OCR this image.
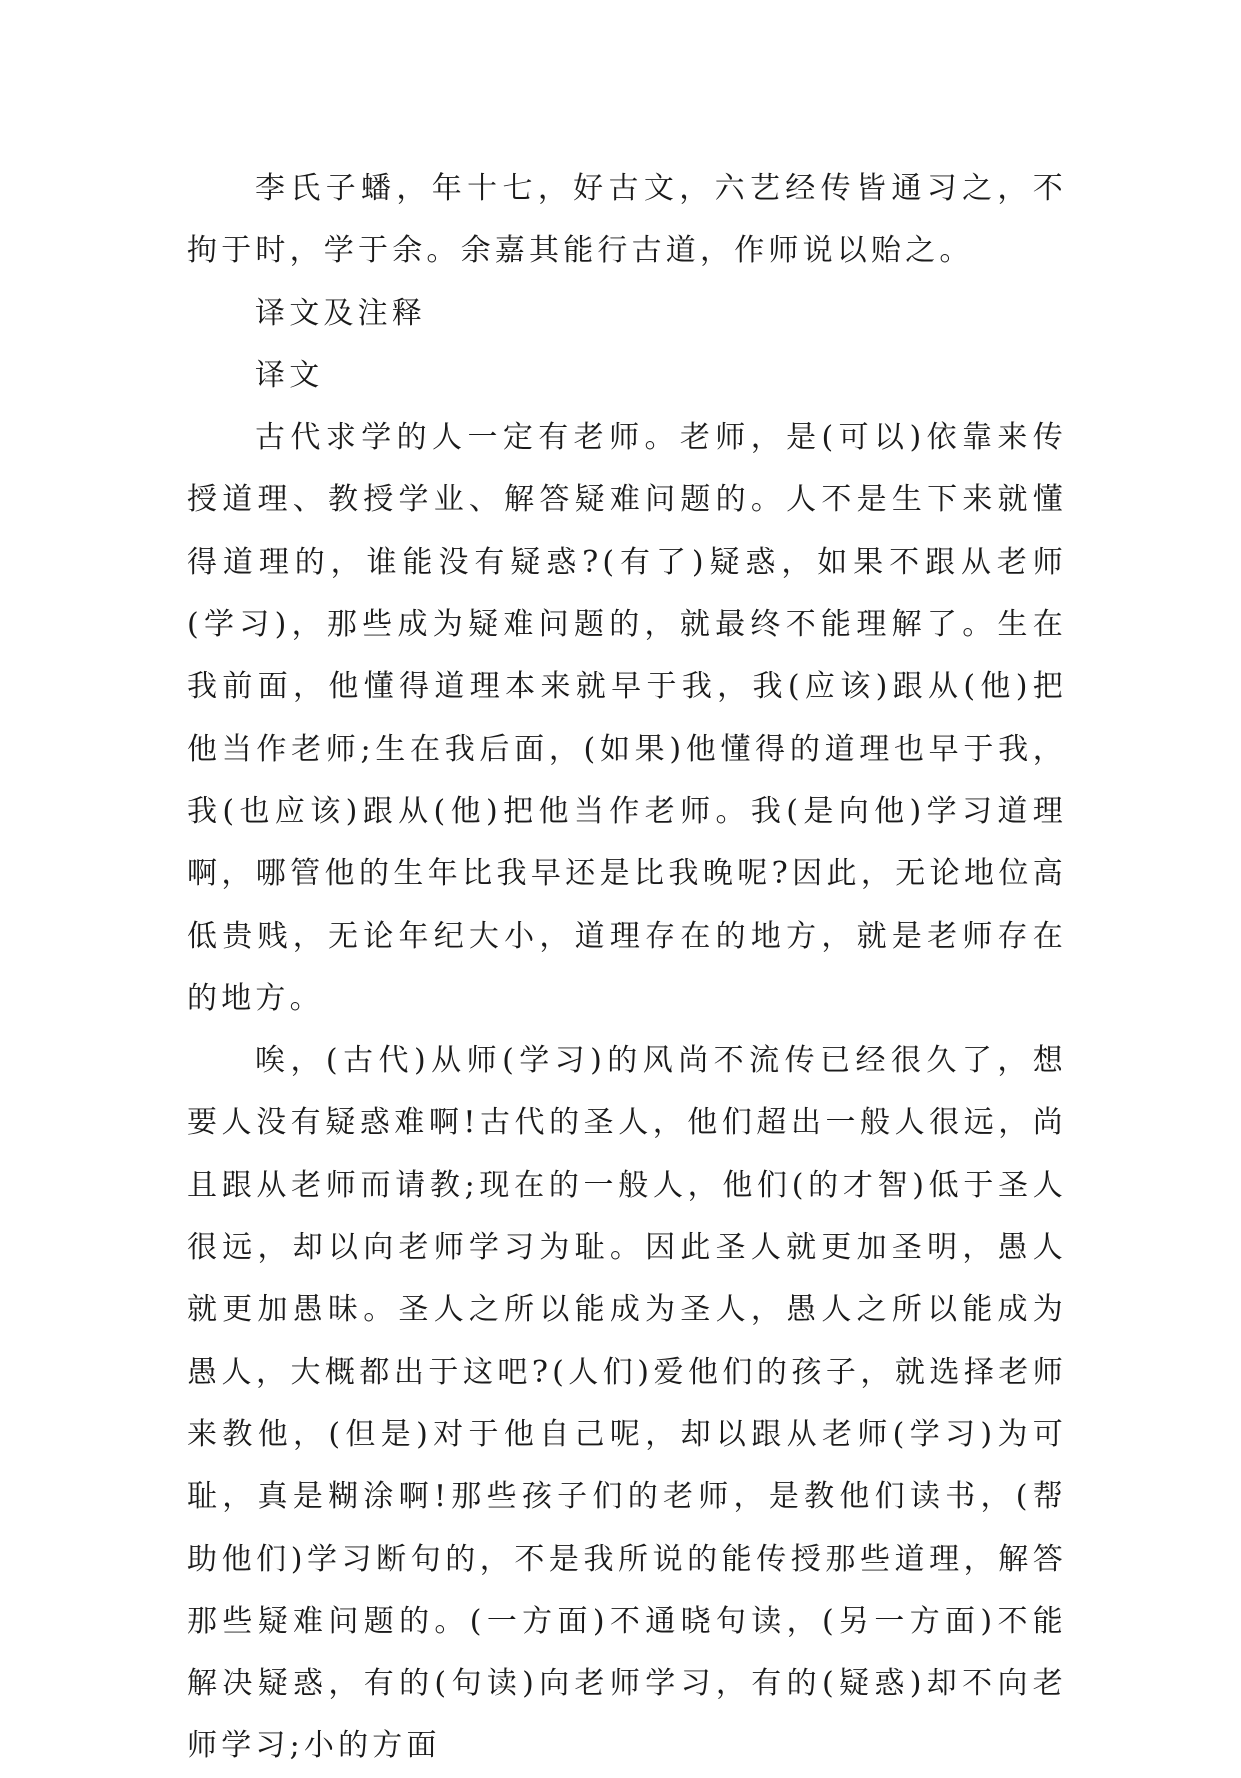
李氏子蟠，年十七，好古文，六艺经传皆通习之，不拘于时，学于余。余嘉其能行古道，作师说以贻之。

译文及注释

译文

古代求学的人一定有老师。老师，是(可以)依靠来传授道理、教授学业、解答疑难问题的。人不是生下来就懂得道理的，谁能没有疑惑?(有了)疑惑，如果不跟从老师(学习)，那些成为疑难问题的，就最终不能理解了。生在我前面，他懂得道理本来就早于我，我(应该)跟从(他)把他当作老师;生在我后面，(如果)他懂得的道理也早于我，我(也应该)跟从(他)把他当作老师。我(是向他)学习道理啊，哪管他的生年比我早还是比我晚呢?因此，无论地位高低贵贱，无论年纪大小，道理存在的地方，就是老师存在的地方。

唉，(古代)从师(学习)的风尚不流传已经很久了，想要人没有疑惑难啊!古代的圣人，他们超出一般人很远，尚且跟从老师而请教;现在的一般人，他们(的才智)低于圣人很远，却以向老师学习为耻。因此圣人就更加圣明，愚人就更加愚昧。圣人之所以能成为圣人，愚人之所以能成为愚人，大概都出于这吧?(人们)爱他们的孩子，就选择老师来教他，(但是)对于他自己呢，却以跟从老师(学习)为可耻，真是糊涂啊!那些孩子们的老师，是教他们读书，(帮助他们)学习断句的，不是我所说的能传授那些道理，解答那些疑难问题的。(一方面)不通晓句读，(另一方面)不能解决疑惑，有的(句读)向老师学习，有的(疑惑)却不向老师学习;小的方面
